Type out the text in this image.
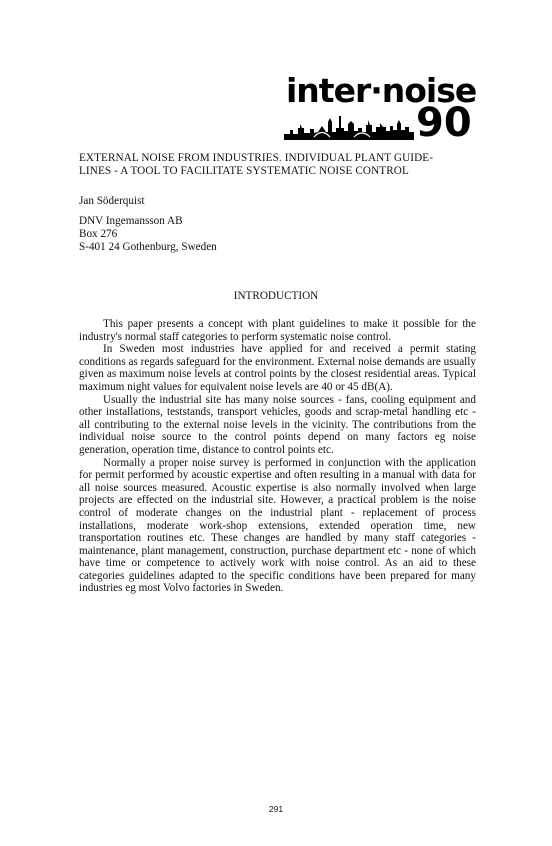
inter·noise
90
EXTERNAL NOISE FROM INDUSTRIES. INDIVIDUAL PLANT GUIDE-
LINES - A TOOL TO FACILITATE SYSTEMATIC NOISE CONTROL
Jan Söderquist
DNV Ingemansson AB
Box 276
S-401 24 Gothenburg, Sweden
INTRODUCTION

This paper presents a concept with plant guidelines to make it possible for the industry's normal staff categories to perform systematic noise control.

In Sweden most industries have applied for and received a permit stating conditions as regards safeguard for the environment. External noise demands are usually given as maximum noise levels at control points by the closest residential areas. Typical maximum night values for equivalent noise levels are 40 or 45 dB(A).

Usually the industrial site has many noise sources - fans, cooling equipment and other installations, teststands, transport vehicles, goods and scrap-metal handling etc - all contributing to the external noise levels in the vicinity. The contributions from the individual noise source to the control points depend on many factors eg noise generation, operation time, distance to control points etc.

Normally a proper noise survey is performed in conjunction with the application for permit performed by acoustic expertise and often resulting in a manual with data for all noise sources measured. Acoustic expertise is also normally involved when large projects are effected on the industrial site. However, a practical problem is the noise control of moderate changes on the industrial plant - replacement of process installations, moderate work-shop extensions, extended operation time, new transportation routines etc. These changes are handled by many staff categories - maintenance, plant management, construction, purchase department etc - none of which have time or competence to actively work with noise control. As an aid to these categories guidelines adapted to the specific conditions have been prepared for many industries eg most Volvo factories in Sweden.

291
